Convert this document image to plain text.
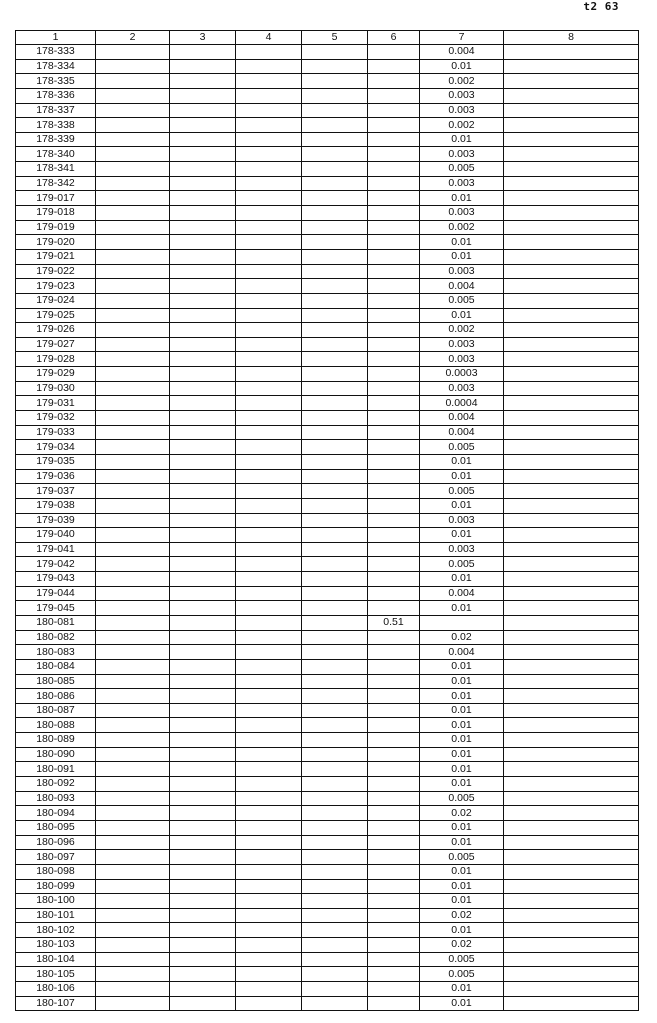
t2 63
1	2	3	4	5	6	7	8
178-333						0.004	
178-334						0.01	
178-335						0.002	
178-336						0.003	
178-337						0.003	
178-338						0.002	
178-339						0.01	
178-340						0.003	
178-341						0.005	
178-342						0.003	
179-017						0.01	
179-018						0.003	
179-019						0.002	
179-020						0.01	
179-021						0.01	
179-022						0.003	
179-023						0.004	
179-024						0.005	
179-025						0.01	
179-026						0.002	
179-027						0.003	
179-028						0.003	
179-029						0.0003	
179-030						0.003	
179-031						0.0004	
179-032						0.004	
179-033						0.004	
179-034						0.005	
179-035						0.01	
179-036						0.01	
179-037						0.005	
179-038						0.01	
179-039						0.003	
179-040						0.01	
179-041						0.003	
179-042						0.005	
179-043						0.01	
179-044						0.004	
179-045						0.01	
180-081					0.51		
180-082						0.02	
180-083						0.004	
180-084						0.01	
180-085						0.01	
180-086						0.01	
180-087						0.01	
180-088						0.01	
180-089						0.01	
180-090						0.01	
180-091						0.01	
180-092						0.01	
180-093						0.005	
180-094						0.02	
180-095						0.01	
180-096						0.01	
180-097						0.005	
180-098						0.01	
180-099						0.01	
180-100						0.01	
180-101						0.02	
180-102						0.01	
180-103						0.02	
180-104						0.005	
180-105						0.005	
180-106						0.01	
180-107						0.01	
